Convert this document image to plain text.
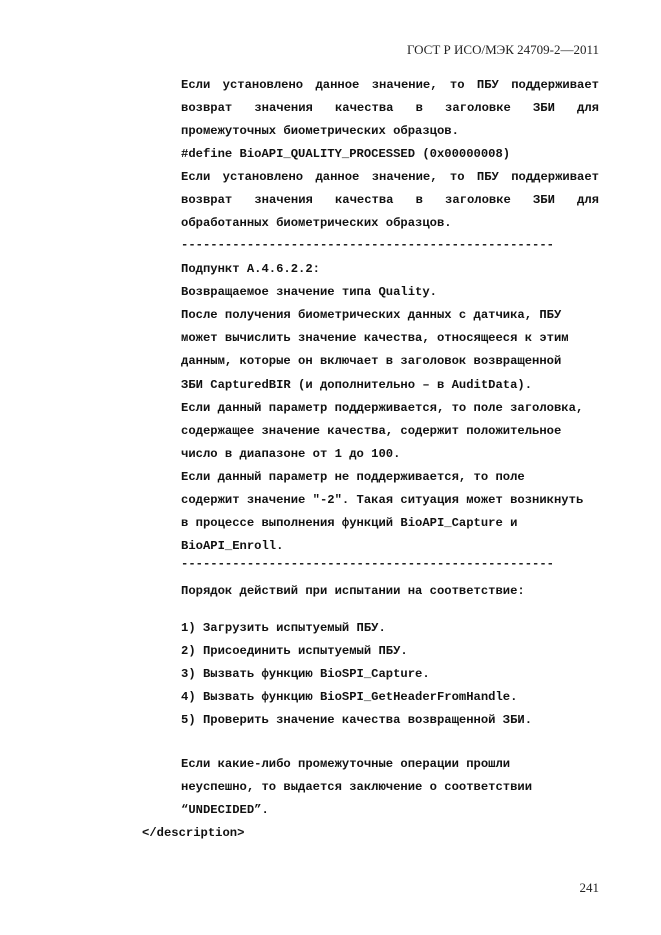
ГОСТ Р ИСО/МЭК 24709-2—2011
Если установлено данное значение, то ПБУ поддерживает
возврат значения качества в заголовке ЗБИ для
промежуточных биометрических образцов.
#define BioAPI_QUALITY_PROCESSED (0x00000008)
Если установлено данное значение, то ПБУ поддерживает
возврат значения качества в заголовке ЗБИ для
обработанных биометрических образцов.
---------------------------------------------------
Подпункт А.4.6.2.2:
Возвращаемое значение типа Quality.
После получения биометрических данных с датчика, ПБУ
может вычислить значение качества, относящееся к этим
данным, которые он включает в заголовок возвращенной
ЗБИ CapturedBIR (и дополнительно – в AuditData).
Если данный параметр поддерживается, то поле заголовка,
содержащее значение качества, содержит положительное
число в диапазоне от 1 до 100.
Если данный параметр не поддерживается, то поле
содержит значение "-2". Такая ситуация может возникнуть
в процессе выполнения функций BioAPI_Capture и
BioAPI_Enroll.
---------------------------------------------------
Порядок действий при испытании на соответствие:
1) Загрузить испытуемый ПБУ.
2) Присоединить испытуемый ПБУ.
3) Вызвать функцию BioSPI_Capture.
4) Вызвать функцию BioSPI_GetHeaderFromHandle.
5) Проверить значение качества возвращенной ЗБИ.
Если какие-либо промежуточные операции прошли
неуспешно, то выдается заключение о соответствии
“UNDECIDED”.
</description>
241
